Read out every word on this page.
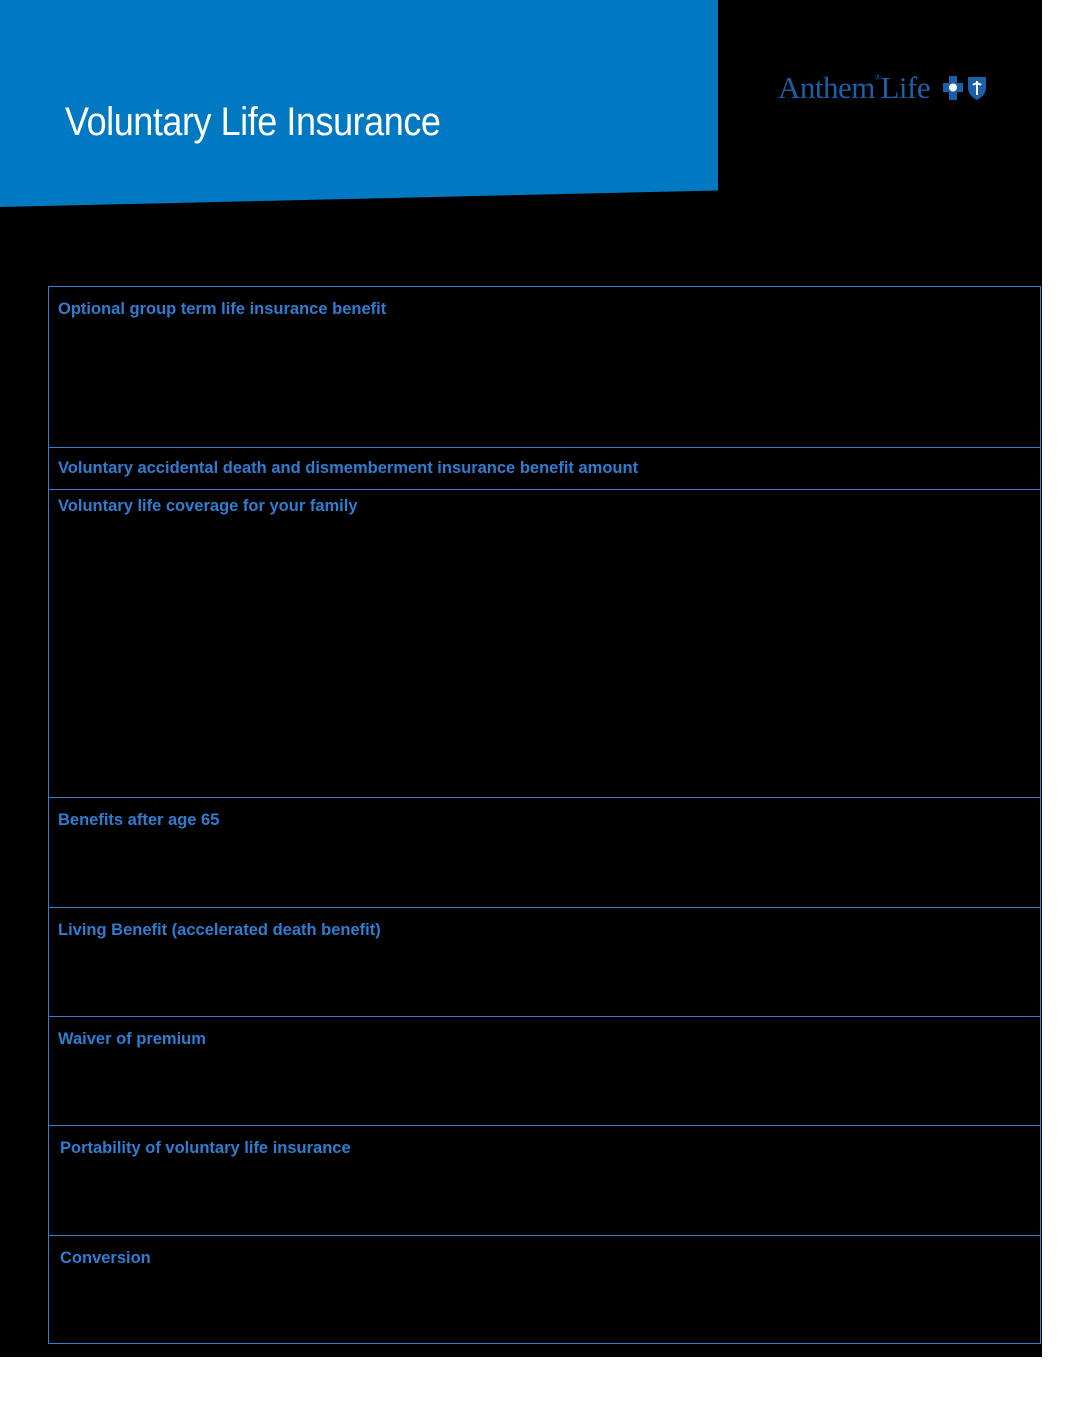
Voluntary Life Insurance
Anthem®Life
Optional group term life insurance benefit
Voluntary accidental death and dismemberment insurance benefit amount
Voluntary life coverage for your family
Benefits after age 65
Living Benefit (accelerated death benefit)
Waiver of premium
Portability of voluntary life insurance
Conversion
